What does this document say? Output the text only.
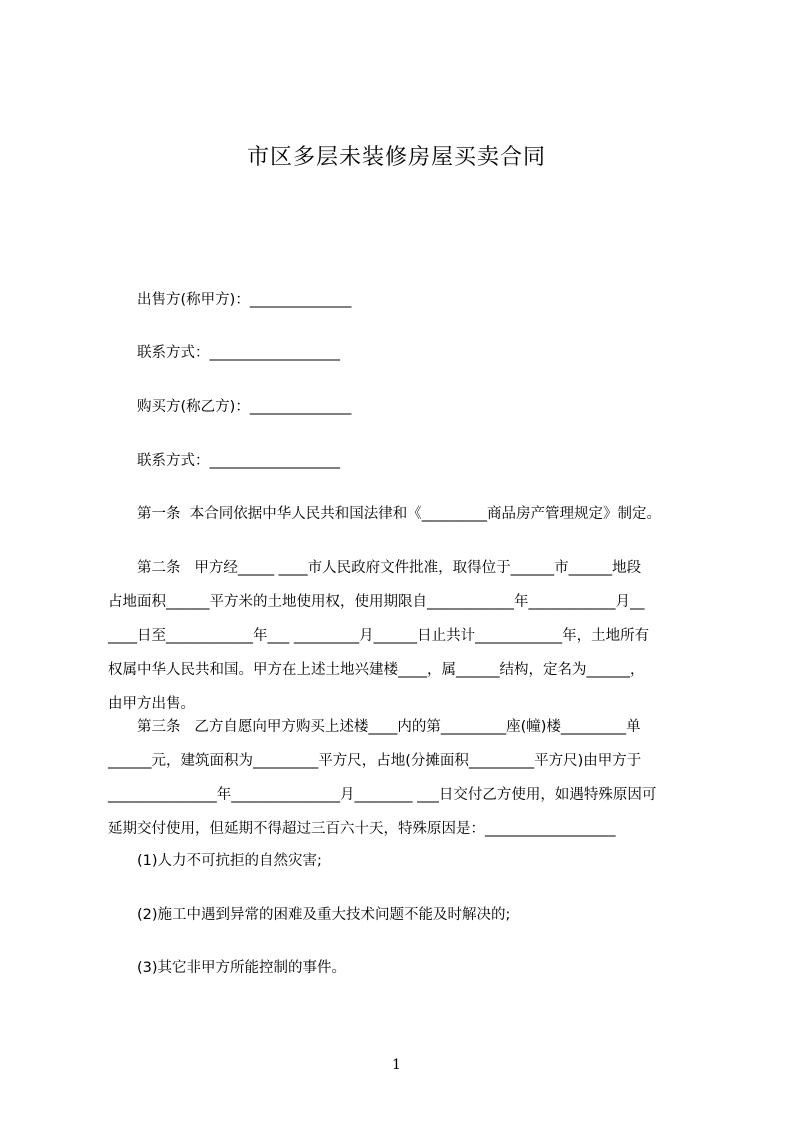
市区多层未装修房屋买卖合同
出售方(称甲方)：______________
联系方式：__________________
购买方(称乙方)：______________
联系方式：__________________
第一条  本合同依据中华人民共和国法律和《_________商品房产管理规定》制定。
第二条   甲方经_____ ____市人民政府文件批准，取得位于______市______地段
占地面积______平方米的土地使用权，使用期限自____________年____________月__
____日至____________年___ _________月______日止共计____________年，土地所有
权属中华人民共和国。甲方在上述土地兴建楼____，属______结构，定名为______，
由甲方出售。
第三条   乙方自愿向甲方购买上述楼____内的第_________座(幢)楼_________单
______元，建筑面积为_________平方尺，占地(分摊面积_________平方尺)由甲方于
_______________年_______________月________ ___日交付乙方使用，如遇特殊原因可
延期交付使用，但延期不得超过三百六十天，特殊原因是：__________________
(1)人力不可抗拒的自然灾害;
(2)施工中遇到异常的困难及重大技术问题不能及时解决的;
(3)其它非甲方所能控制的事件。
1
